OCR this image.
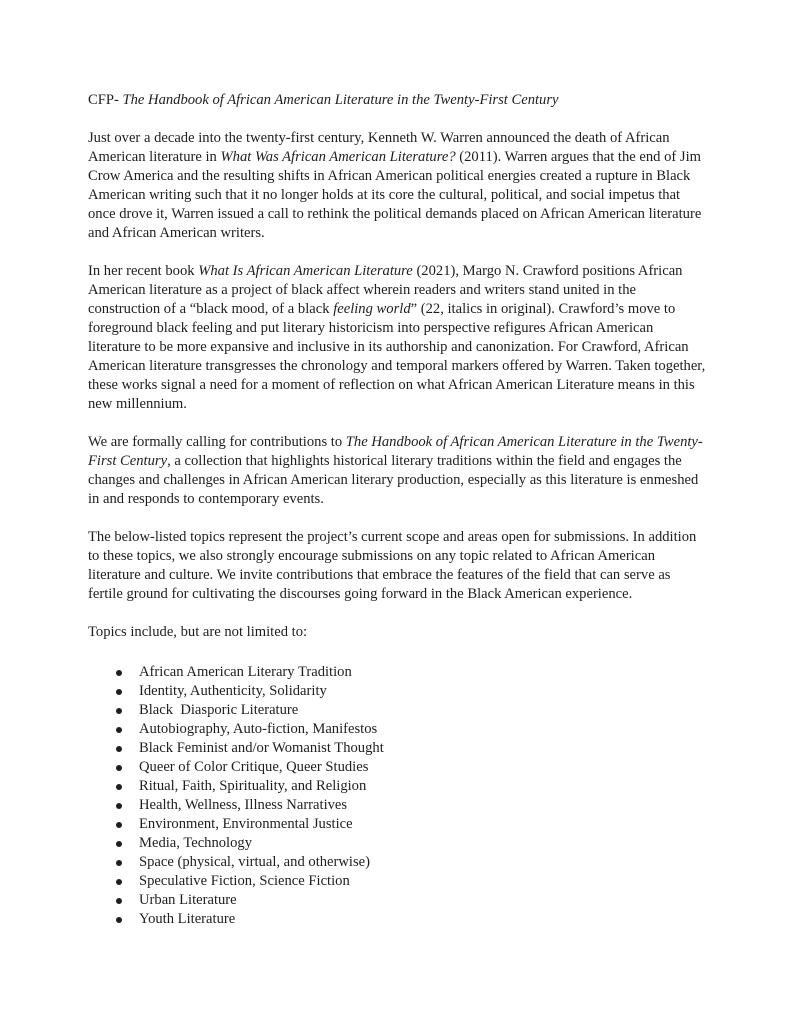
CFP- The Handbook of African American Literature in the Twenty-First Century

Just over a decade into the twenty-first century, Kenneth W. Warren announced the death of African American literature in What Was African American Literature? (2011). Warren argues that the end of Jim Crow America and the resulting shifts in African American political energies created a rupture in Black American writing such that it no longer holds at its core the cultural, political, and social impetus that once drove it, Warren issued a call to rethink the political demands placed on African American literature and African American writers.

In her recent book What Is African American Literature (2021), Margo N. Crawford positions African American literature as a project of black affect wherein readers and writers stand united in the construction of a “black mood, of a black feeling world” (22, italics in original). Crawford’s move to foreground black feeling and put literary historicism into perspective refigures African American literature to be more expansive and inclusive in its authorship and canonization. For Crawford, African American literature transgresses the chronology and temporal markers offered by Warren. Taken together, these works signal a need for a moment of reflection on what African American Literature means in this new millennium.

We are formally calling for contributions to The Handbook of African American Literature in the Twenty-First Century, a collection that highlights historical literary traditions within the field and engages the changes and challenges in African American literary production, especially as this literature is enmeshed in and responds to contemporary events.

The below-listed topics represent the project’s current scope and areas open for submissions. In addition to these topics, we also strongly encourage submissions on any topic related to African American literature and culture. We invite contributions that embrace the features of the field that can serve as fertile ground for cultivating the discourses going forward in the Black American experience.

Topics include, but are not limited to:

African American Literary Tradition
Identity, Authenticity, Solidarity
Black  Diasporic Literature
Autobiography, Auto-fiction, Manifestos
Black Feminist and/or Womanist Thought
Queer of Color Critique, Queer Studies
Ritual, Faith, Spirituality, and Religion
Health, Wellness, Illness Narratives
Environment, Environmental Justice
Media, Technology
Space (physical, virtual, and otherwise)
Speculative Fiction, Science Fiction
Urban Literature
Youth Literature
